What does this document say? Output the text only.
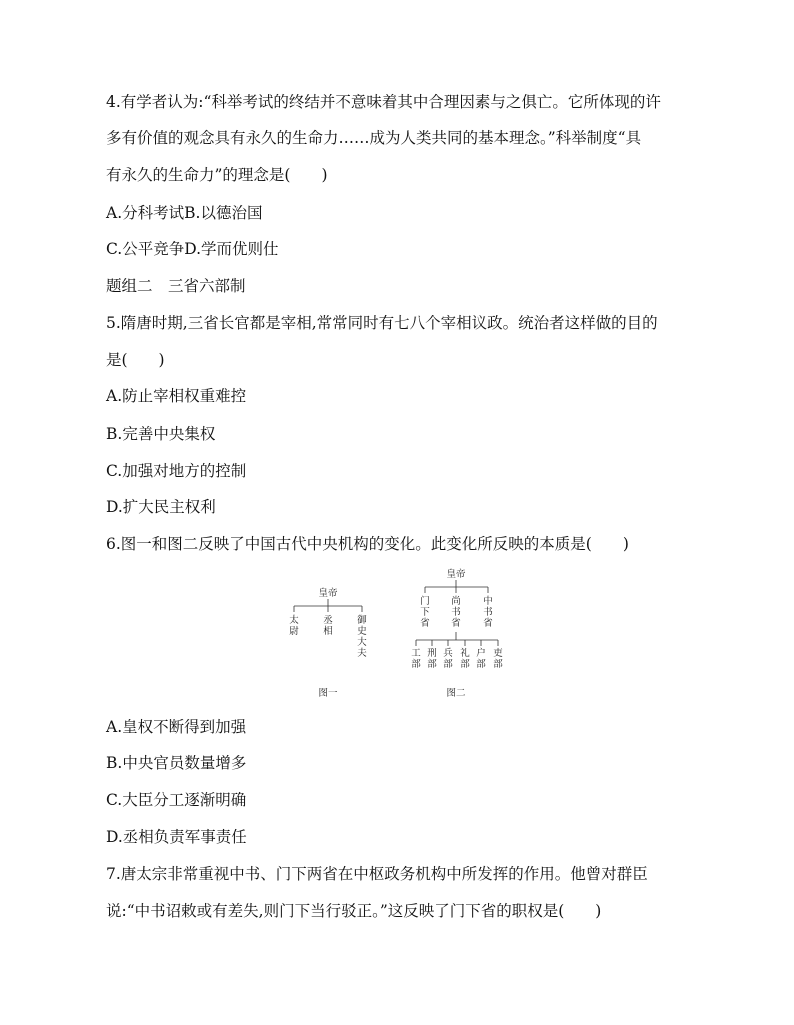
4.有学者认为:“科举考试的终结并不意味着其中合理因素与之俱亡。它所体现的许
多有价值的观念具有永久的生命力……成为人类共同的基本理念。”科举制度“具
有永久的生命力”的理念是(　　)
A.分科考试B.以德治国
C.公平竞争D.学而优则仕
题组二　三省六部制
5.隋唐时期,三省长官都是宰相,常常同时有七八个宰相议政。统治者这样做的目的
是(　　)
A.防止宰相权重难控
B.完善中央集权
C.加强对地方的控制
D.扩大民主权利
6.图一和图二反映了中国古代中央机构的变化。此变化所反映的本质是(　　)
皇帝
太尉
丞相
御史大夫
图一
皇帝
门下省
尚书省
中书省
工部
刑部
兵部
礼部
户部
吏部
图二
A.皇权不断得到加强
B.中央官员数量增多
C.大臣分工逐渐明确
D.丞相负责军事责任
7.唐太宗非常重视中书、门下两省在中枢政务机构中所发挥的作用。他曾对群臣
说:“中书诏敕或有差失,则门下当行驳正。”这反映了门下省的职权是(　　)
